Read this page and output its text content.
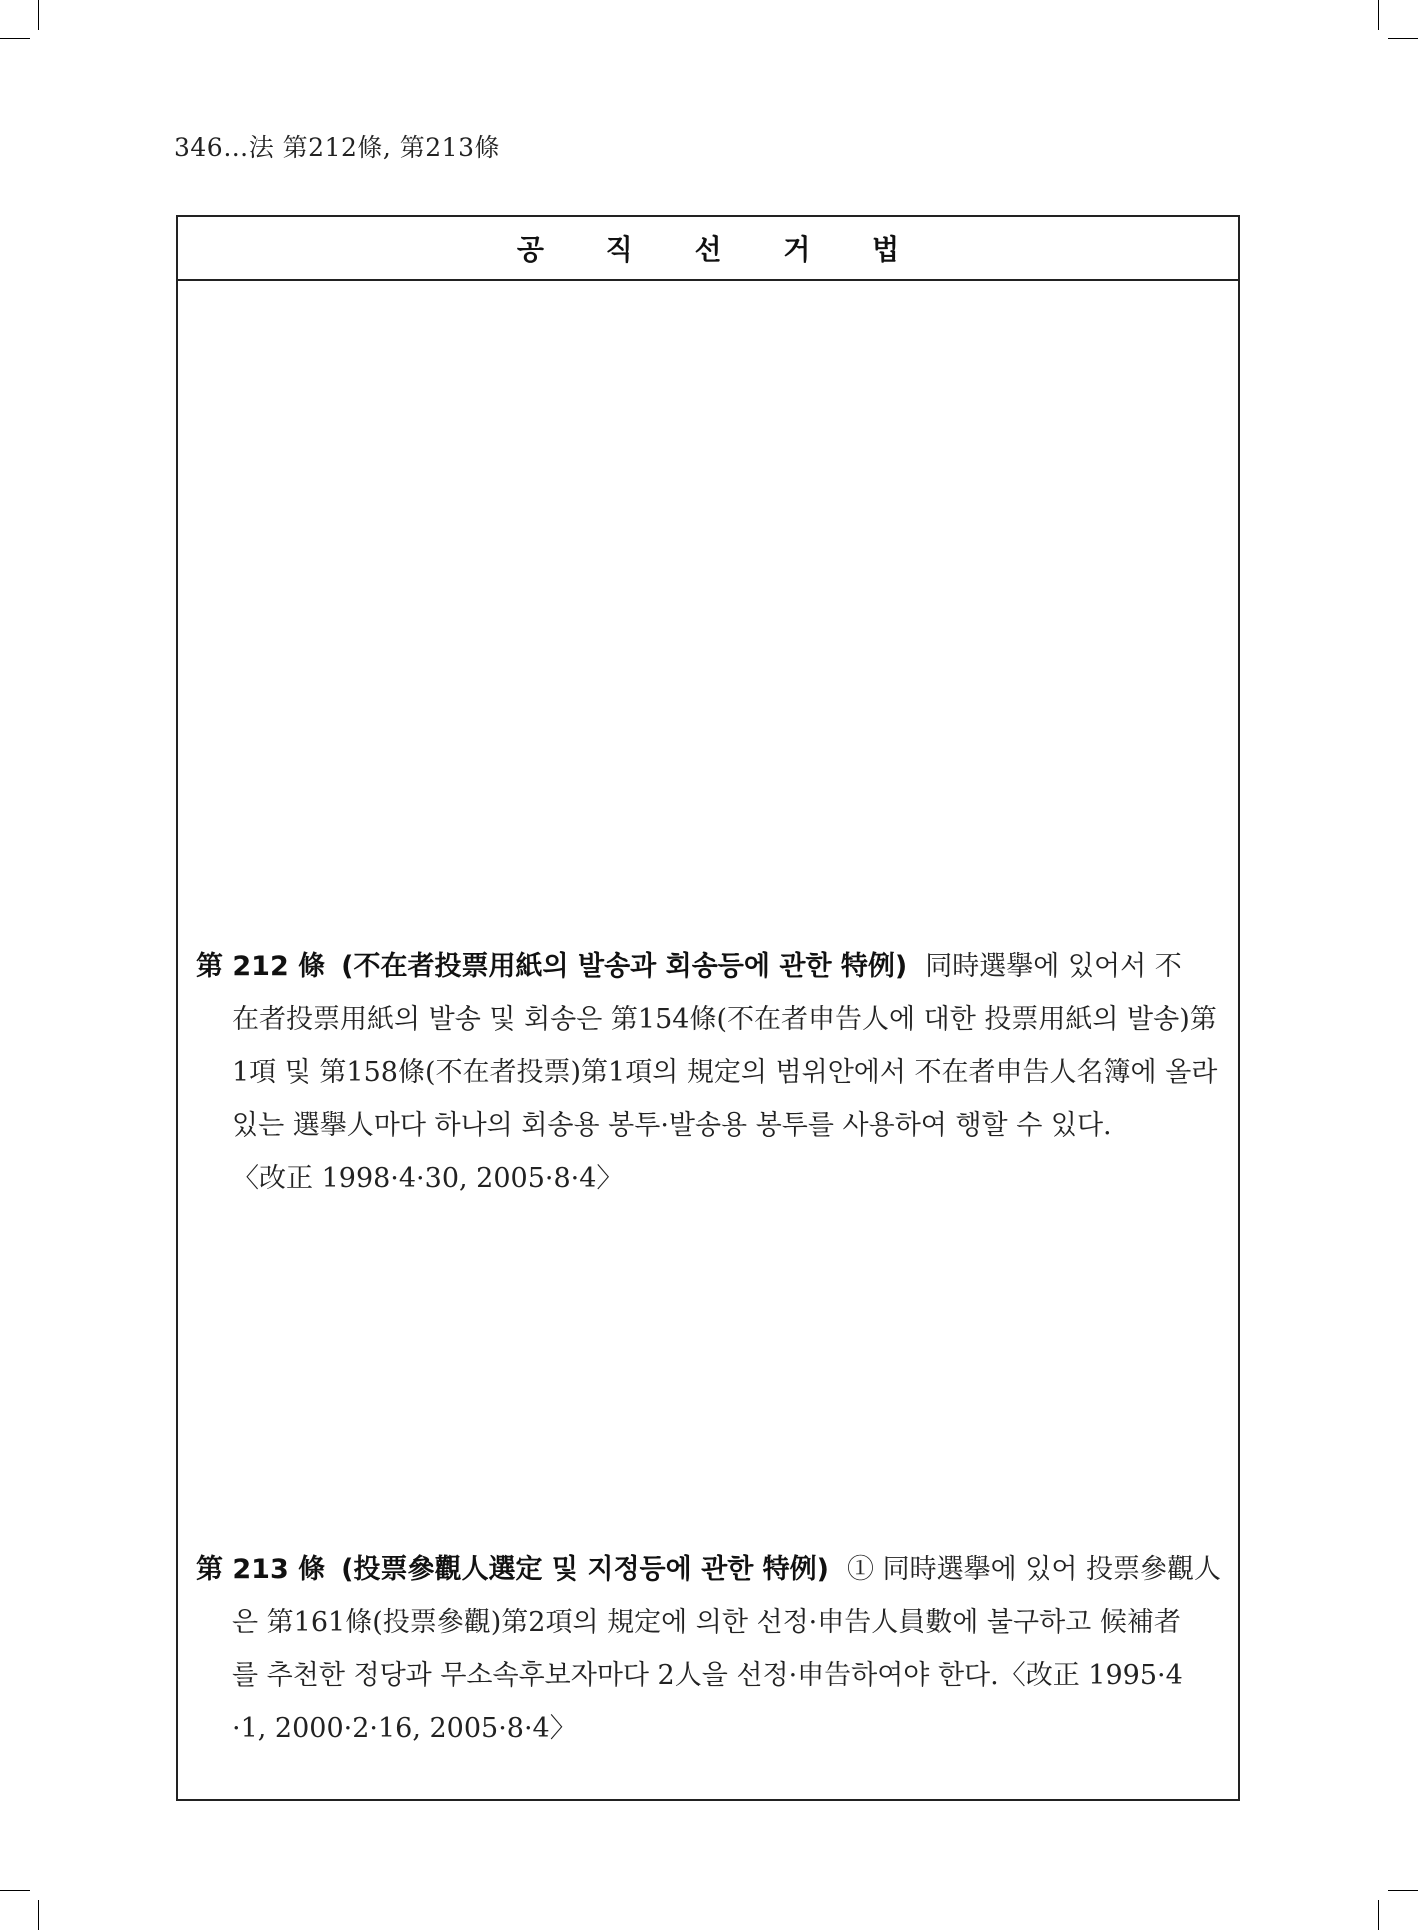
346…法 第212條, 第213條
공 직 선 거 법
第 212 條 (不在者投票用紙의 발송과 회송등에 관한 特例) 同時選擧에 있어서 不
在者投票用紙의 발송 및 회송은 第154條(不在者申告人에 대한 投票用紙의 발송)第
1項 및 第158條(不在者投票)第1項의 規定의 범위안에서 不在者申告人名簿에 올라
있는 選擧人마다 하나의 회송용 봉투·발송용 봉투를 사용하여 행할 수 있다.
〈改正 1998·4·30, 2005·8·4〉
第 213 條 (投票參觀人選定 및 지정등에 관한 特例) ① 同時選擧에 있어 投票參觀人
은 第161條(投票參觀)第2項의 規定에 의한 선정·申告人員數에 불구하고 候補者
를 추천한 정당과 무소속후보자마다 2人을 선정·申告하여야 한다.〈改正 1995·4
·1, 2000·2·16, 2005·8·4〉
